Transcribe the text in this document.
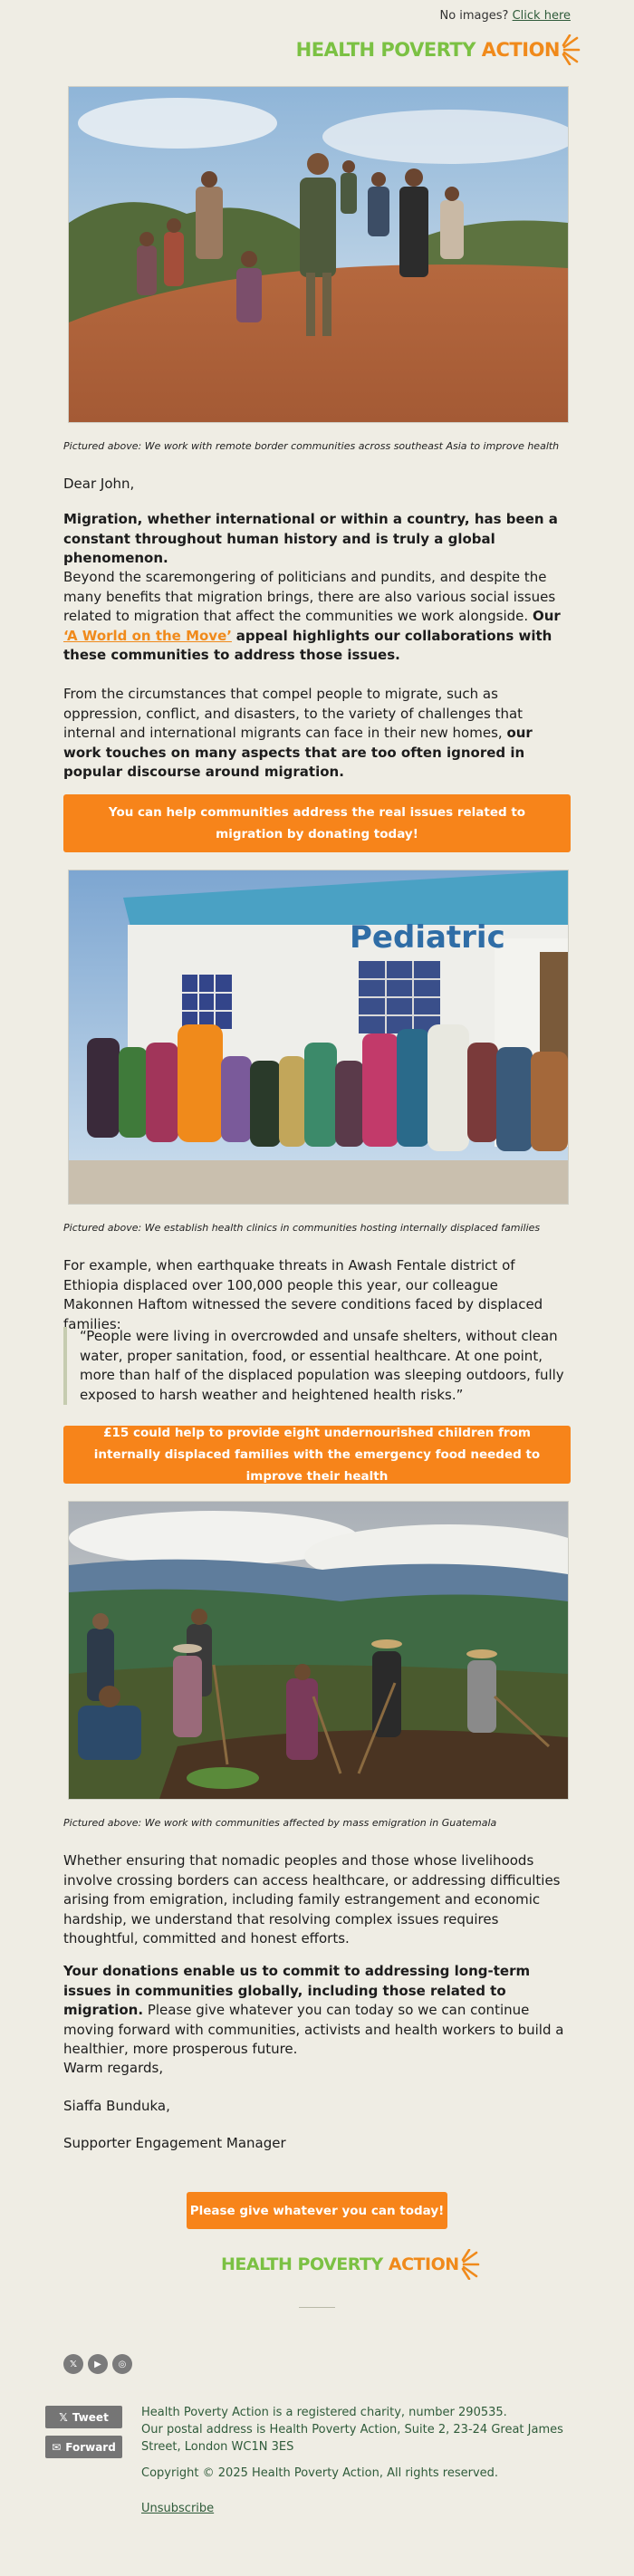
No images? Click here
HEALTH POVERTY
ACTION
Pictured above: We work with remote border communities across southeast Asia to improve health
Dear John,
Migration, whether international or within a country, has been a constant throughout human history and is truly a global phenomenon.
Beyond the scaremongering of politicians and pundits, and despite the many benefits that migration brings, there are also various social issues related to migration that affect the communities we work alongside. Our ‘A World on the Move’ appeal highlights our collaborations with these communities to address those issues.
From the circumstances that compel people to migrate, such as oppression, conflict, and disasters, to the variety of challenges that internal and international migrants can face in their new homes, our work touches on many aspects that are too often ignored in popular discourse around migration.
You can help communities address the real issues related to migration by donating today!
Pediatric
Pictured above: We establish health clinics in communities hosting internally displaced families
For example, when earthquake threats in Awash Fentale district of Ethiopia displaced over 100,000 people this year, our colleague Makonnen Haftom witnessed the severe conditions faced by displaced families:
“People were living in overcrowded and unsafe shelters, without clean water, proper sanitation, food, or essential healthcare. At one point, more than half of the displaced population was sleeping outdoors, fully exposed to harsh weather and heightened health risks.”
£15 could help to provide eight undernourished children from internally displaced families with the emergency food needed to improve their health
Pictured above: We work with communities affected by mass emigration in Guatemala
Whether ensuring that nomadic peoples and those whose livelihoods involve crossing borders can access healthcare, or addressing difficulties arising from emigration, including family estrangement and economic hardship, we understand that resolving complex issues requires thoughtful, committed and honest efforts.
Your donations enable us to commit to addressing long-term issues in communities globally, including those related to migration. Please give whatever you can today so we can continue moving forward with communities, activists and health workers to build a healthier, more prosperous future.
Warm regards,
Siaffa Bunduka,
Supporter Engagement Manager
Please give whatever you can today!
HEALTH POVERTY
ACTION
𝕏	▶	◎
𝕏 Tweet
✉ Forward
Health Poverty Action is a registered charity, number 290535.
Our postal address is Health Poverty Action, Suite 2, 23-24 Great James Street, London WC1N 3ES
Copyright © 2025 Health Poverty Action, All rights reserved.
Unsubscribe
